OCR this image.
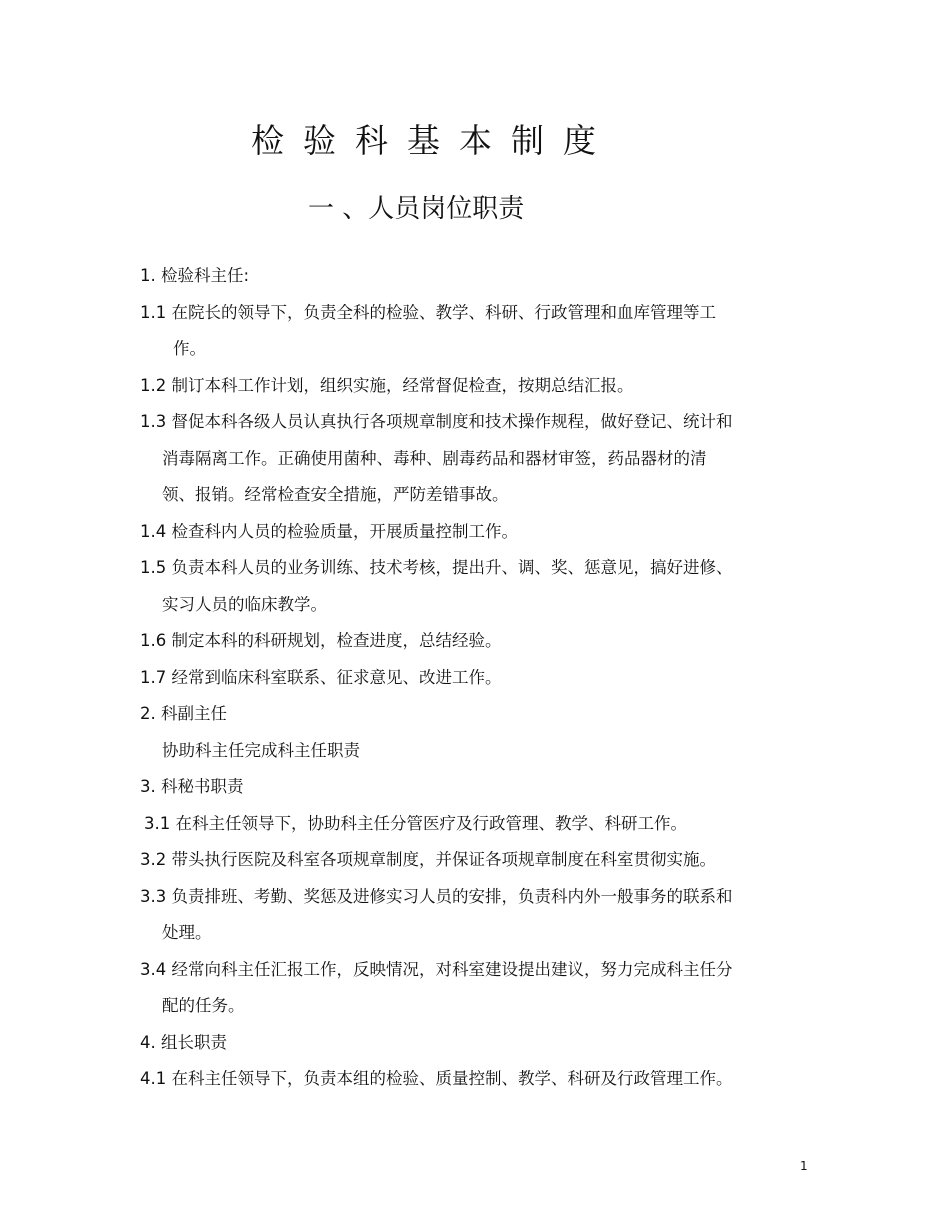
检验科基本制度
一 、人员岗位职责
1. 检验科主任:
1.1 在院长的领导下，负责全科的检验、教学、科研、行政管理和血库管理等工
作。
1.2 制订本科工作计划，组织实施，经常督促检查，按期总结汇报。
1.3 督促本科各级人员认真执行各项规章制度和技术操作规程，做好登记、统计和
消毒隔离工作。正确使用菌种、毒种、剧毒药品和器材审签，药品器材的清
领、报销。经常检查安全措施，严防差错事故。
1.4 检查科内人员的检验质量，开展质量控制工作。
1.5 负责本科人员的业务训练、技术考核，提出升、调、奖、惩意见，搞好进修、
实习人员的临床教学。
1.6 制定本科的科研规划，检查进度，总结经验。
1.7 经常到临床科室联系、征求意见、改进工作。
2. 科副主任
协助科主任完成科主任职责
3. 科秘书职责
3.1 在科主任领导下，协助科主任分管医疗及行政管理、教学、科研工作。
3.2 带头执行医院及科室各项规章制度，并保证各项规章制度在科室贯彻实施。
3.3 负责排班、考勤、奖惩及进修实习人员的安排，负责科内外一般事务的联系和
处理。
3.4 经常向科主任汇报工作，反映情况，对科室建设提出建议，努力完成科主任分
配的任务。
4. 组长职责
4.1 在科主任领导下，负责本组的检验、质量控制、教学、科研及行政管理工作。
1
